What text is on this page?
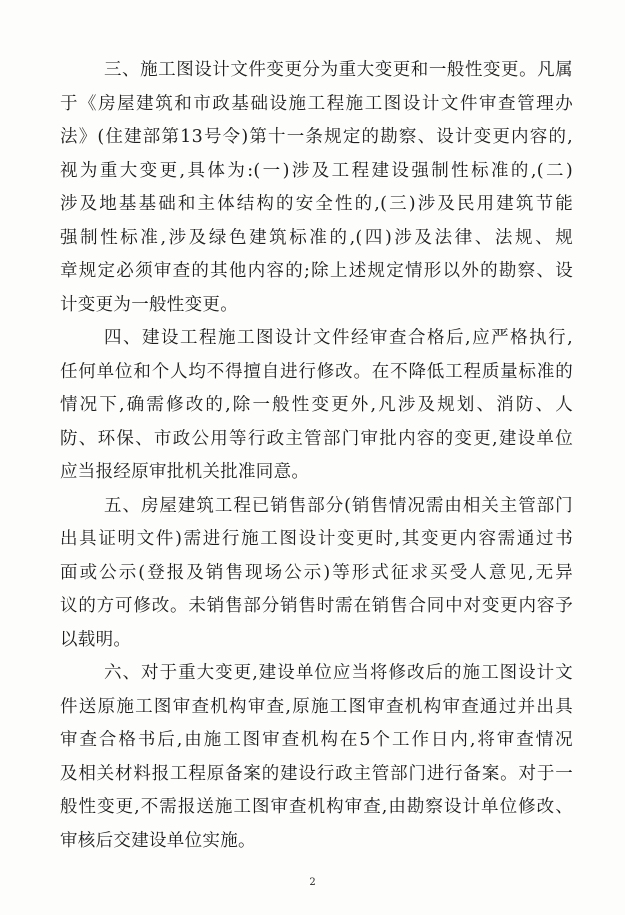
三、施工图设计文件变更分为重大变更和一般性变更。凡属
于《房屋建筑和市政基础设施工程施工图设计文件审查管理办
法》(住建部第13号令)第十一条规定的勘察、设计变更内容的,
视为重大变更,具体为:(一)涉及工程建设强制性标准的,(二)
涉及地基基础和主体结构的安全性的,(三)涉及民用建筑节能
强制性标准,涉及绿色建筑标准的,(四)涉及法律、法规、规
章规定必须审查的其他内容的;除上述规定情形以外的勘察、设
计变更为一般性变更。
四、建设工程施工图设计文件经审查合格后,应严格执行,
任何单位和个人均不得擅自进行修改。在不降低工程质量标准的
情况下,确需修改的,除一般性变更外,凡涉及规划、消防、人
防、环保、市政公用等行政主管部门审批内容的变更,建设单位
应当报经原审批机关批准同意。
五、房屋建筑工程已销售部分(销售情况需由相关主管部门
出具证明文件)需进行施工图设计变更时,其变更内容需通过书
面或公示(登报及销售现场公示)等形式征求买受人意见,无异
议的方可修改。未销售部分销售时需在销售合同中对变更内容予
以载明。
六、对于重大变更,建设单位应当将修改后的施工图设计文
件送原施工图审查机构审查,原施工图审查机构审查通过并出具
审查合格书后,由施工图审查机构在5个工作日内,将审查情况
及相关材料报工程原备案的建设行政主管部门进行备案。对于一
般性变更,不需报送施工图审查机构审查,由勘察设计单位修改、
审核后交建设单位实施。
2
